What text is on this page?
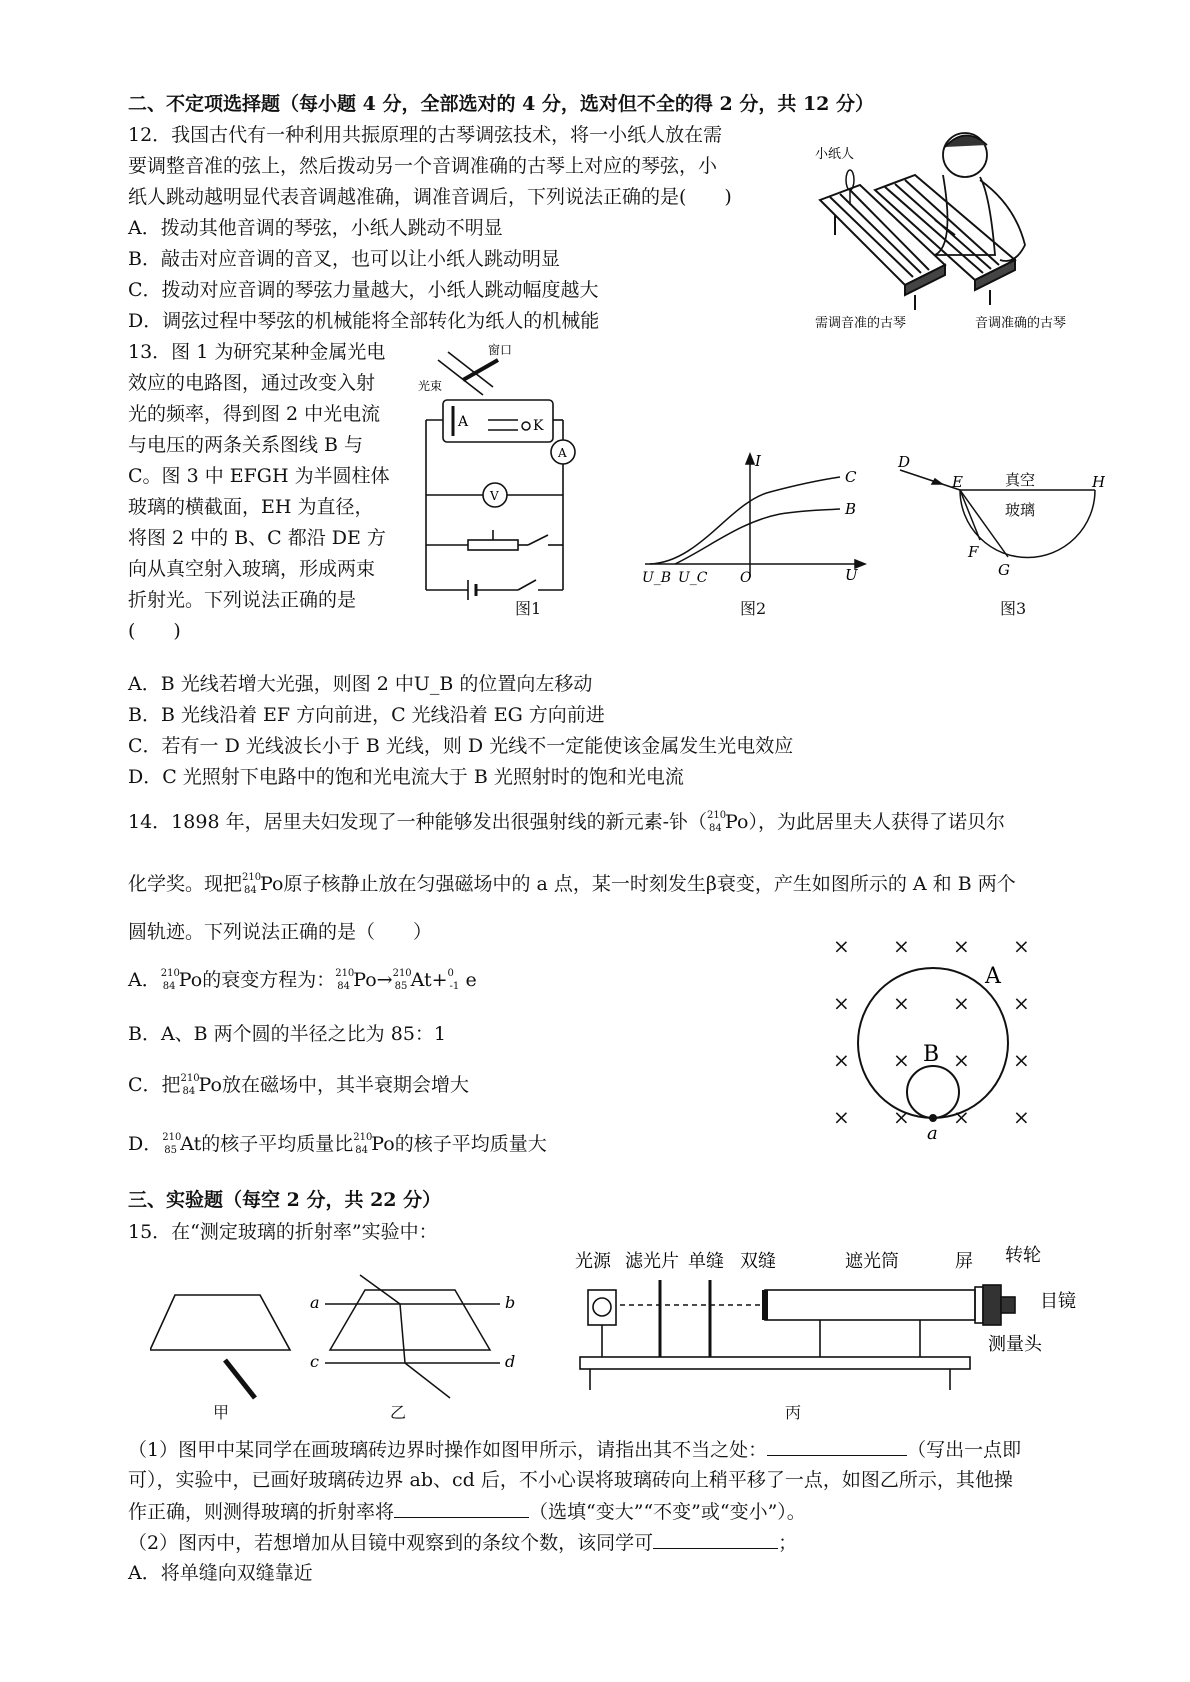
二、不定项选择题（每小题 4 分，全部选对的 4 分，选对但不全的得 2 分，共 12 分）
12．我国古代有一种利用共振原理的古琴调弦技术，将一小纸人放在需
要调整音准的弦上，然后拨动另一个音调准确的古琴上对应的琴弦，小
纸人跳动越明显代表音调越准确，调准音调后，下列说法正确的是(　　)
A．拨动其他音调的琴弦，小纸人跳动不明显
B．敲击对应音调的音叉，也可以让小纸人跳动明显
C．拨动对应音调的琴弦力量越大，小纸人跳动幅度越大
D．调弦过程中琴弦的机械能将全部转化为纸人的机械能
小纸人
需调音准的古琴	音调准确的古琴
13．图 1 为研究某种金属光电
效应的电路图，通过改变入射
光的频率，得到图 2 中光电流
与电压的两条关系图线 B 与
C。图 3 中 EFGH 为半圆柱体
玻璃的横截面，EH 为直径，
将图 2 中的 B、C 都沿 DE 方
向从真空射入玻璃，形成两束
折射光。下列说法正确的是
(　　)
A	K
A
V
窗口
光束
图1
I
U
C
B
U_B U_C O
图2
D
E	H
F
G
真空
玻璃
图3
A．B 光线若增大光强，则图 2 中U_B 的位置向左移动
B．B 光线沿着 EF 方向前进，C 光线沿着 EG 方向前进
C．若有一 D 光线波长小于 B 光线，则 D 光线不一定能使该金属发生光电效应
D．C 光照射下电路中的饱和光电流大于 B 光照射时的饱和光电流
14．1898 年，居里夫妇发现了一种能够发出很强射线的新元素-钋（ 210
84 Po），为此居里夫人获得了诺贝尔
化学奖。现把 210
84 Po原子核静止放在匀强磁场中的 a 点，某一时刻发生β衰变，产生如图所示的 A 和 B 两个
圆轨迹。下列说法正确的是（　　）
A． 210
84 Po的衰变方程为： 210
84 Po→ 210
85 At+ 0
-1 e
B．A、B 两个圆的半径之比为 85：1
C．把 210
84 Po放在磁场中，其半衰期会增大
D． 210
85 At的核子平均质量比 210
84 Po的核子平均质量大
× × × ×
× × × ×
× × × ×
× × × ×
A
B
a
三、实验题（每空 2 分，共 22 分）
15．在“测定玻璃的折射率”实验中：
甲
a	b
c	d
乙
光源 滤光片 单缝 双缝	遮光筒	屏 转轮
目镜
测量头
丙
（1）图甲中某同学在画玻璃砖边界时操作如图甲所示，请指出其不当之处：	（写出一点即
可），实验中，已画好玻璃砖边界 ab、cd 后，不小心误将玻璃砖向上稍平移了一点，如图乙所示，其他操
作正确，则测得玻璃的折射率将	（选填“变大”“不变”或“变小”）。
（2）图丙中，若想增加从目镜中观察到的条纹个数，该同学可	；
A．将单缝向双缝靠近
